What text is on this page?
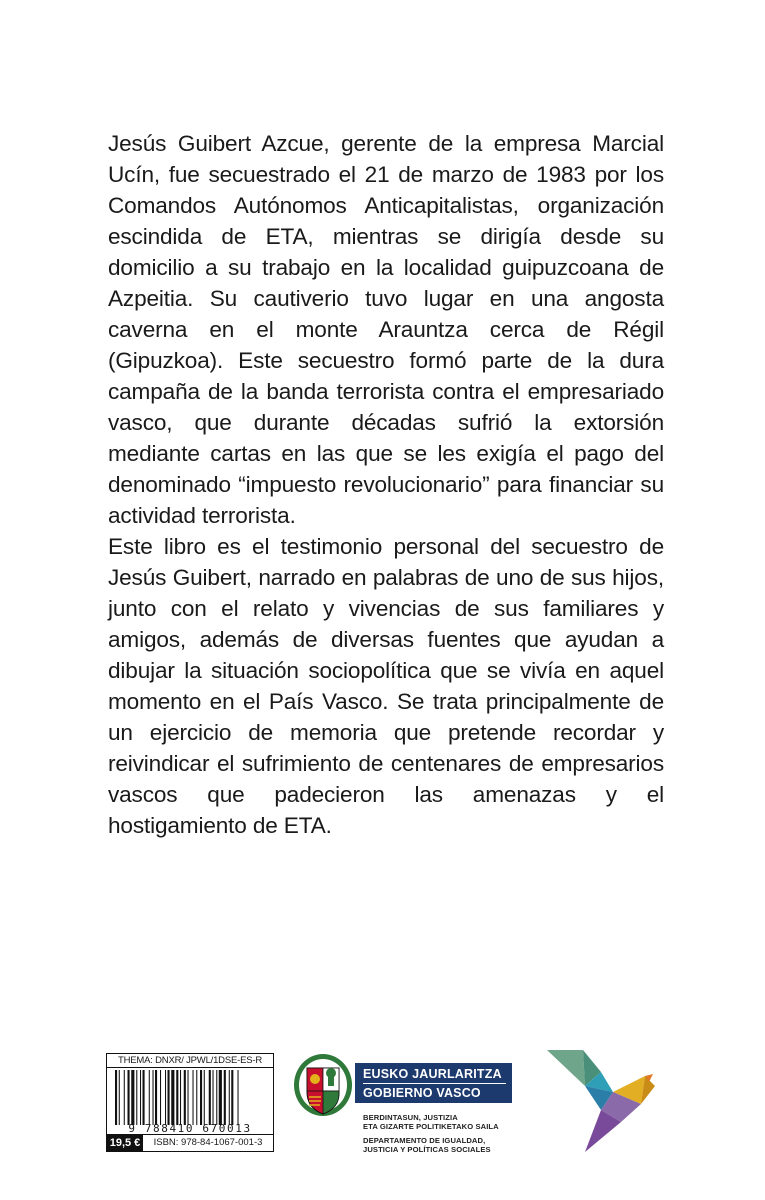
Jesús Guibert Azcue, gerente de la empresa Marcial Ucín, fue secuestrado el 21 de marzo de 1983 por los Comandos Autónomos Anticapitalistas, organización escindida de ETA, mientras se dirigía desde su domicilio a su trabajo en la localidad guipuzcoana de Azpeitia. Su cautiverio tuvo lugar en una angosta caverna en el monte Arauntza cerca de Régil (Gipuzkoa). Este secuestro formó parte de la dura campaña de la banda terrorista contra el empresariado vasco, que durante décadas sufrió la extorsión mediante cartas en las que se les exigía el pago del denominado “impuesto revolucionario” para financiar su actividad terrorista.

Este libro es el testimonio personal del secuestro de Jesús Guibert, narrado en palabras de uno de sus hijos, junto con el relato y vivencias de sus familiares y amigos, además de diversas fuentes que ayudan a dibujar la situación sociopolítica que se vivía en aquel momento en el País Vasco. Se trata principalmente de un ejercicio de memoria que pretende recordar y reivindicar el sufrimiento de centenares de empresarios vascos que padecieron las amenazas y el hostigamiento de ETA.

THEMA: DNXR/ JPWL/1DSE-ES-R
9 788410 670013
19,5 €	ISBN: 978-84-1067-001-3
EUSKO JAURLARITZA
GOBIERNO VASCO
BERDINTASUN, JUSTIZIA
ETA GIZARTE POLITIKETAKO SAILA
DEPARTAMENTO DE IGUALDAD,
JUSTICIA Y POLÍTICAS SOCIALES
